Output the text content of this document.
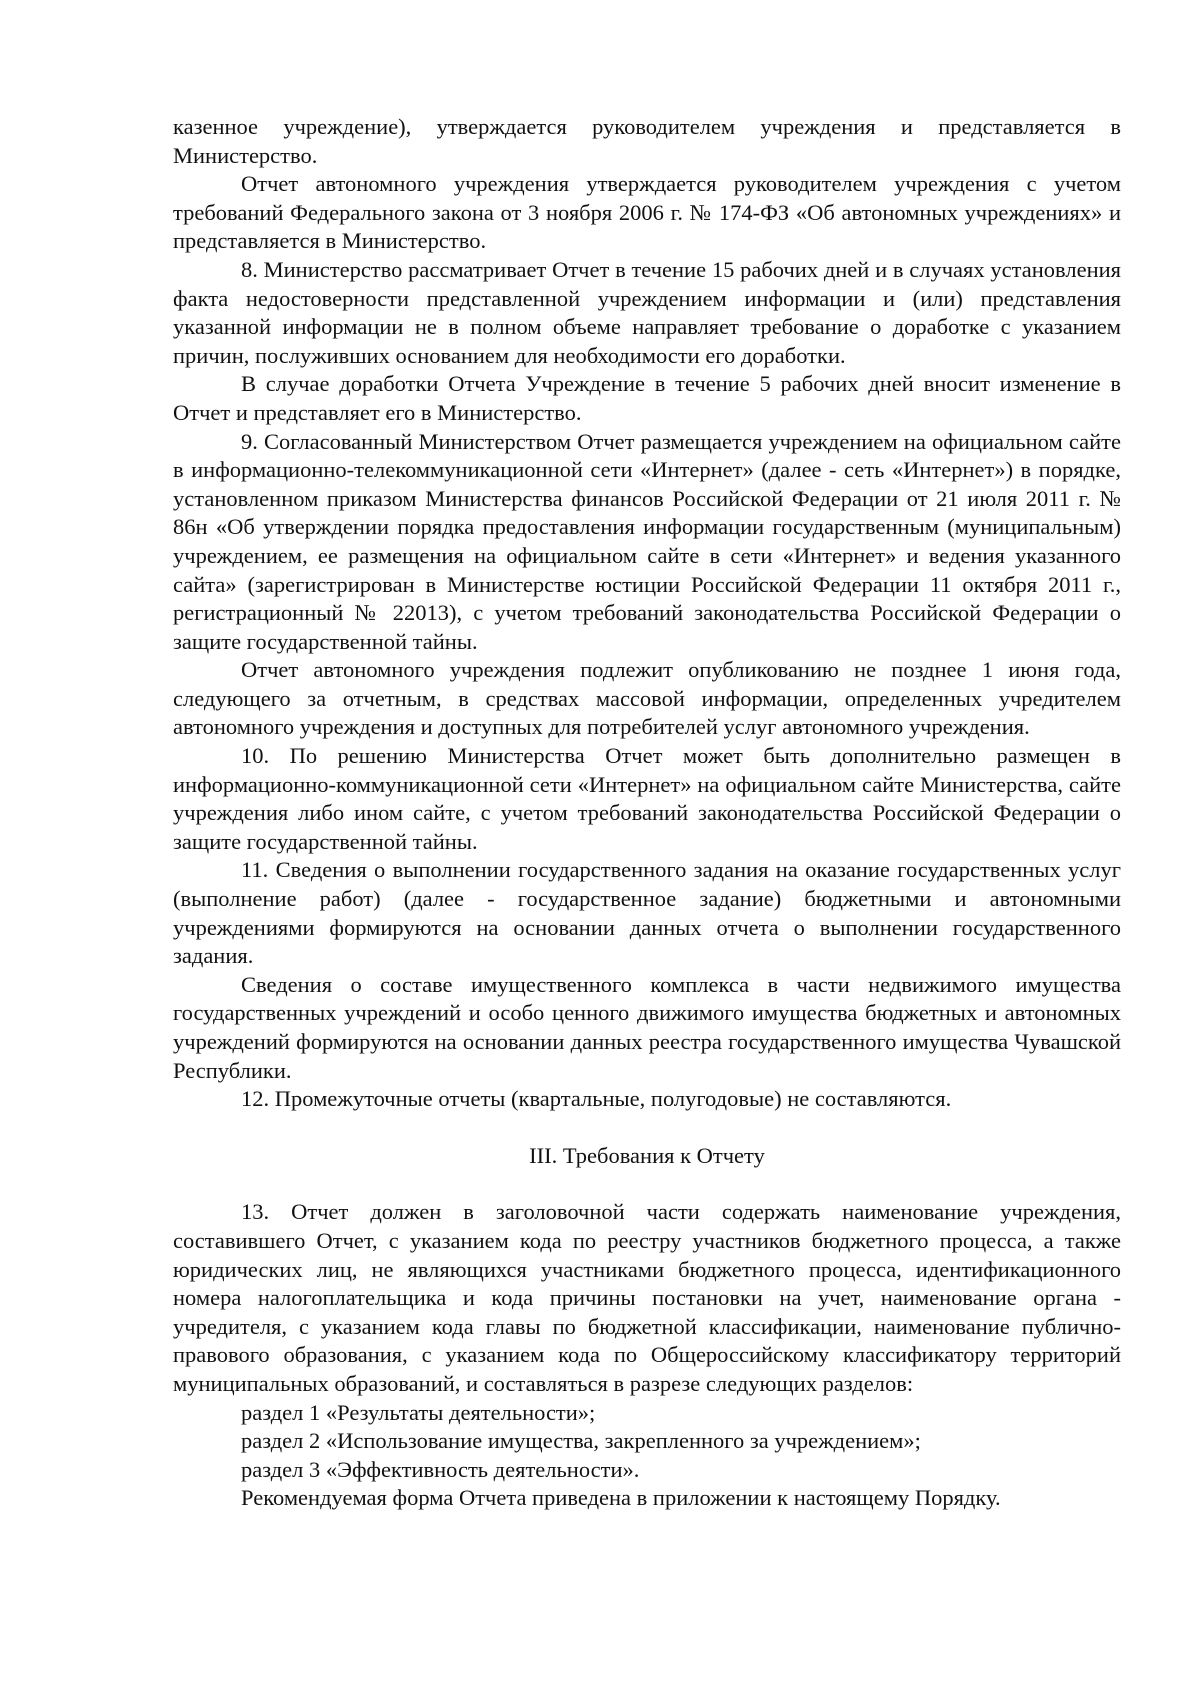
казенное учреждение), утверждается руководителем учреждения и представляется в Министерство.

Отчет автономного учреждения утверждается руководителем учреждения с учетом требований Федерального закона от 3 ноября 2006 г. № 174-ФЗ «Об автономных учреждениях» и представляется в Министерство.

8. Министерство рассматривает Отчет в течение 15 рабочих дней и в случаях установления факта недостоверности представленной учреждением информации и (или) представления указанной информации не в полном объеме направляет требование о доработке с указанием причин, послуживших основанием для необходимости его доработки.

В случае доработки Отчета Учреждение в течение 5 рабочих дней вносит изменение в Отчет и представляет его в Министерство.

9. Согласованный Министерством Отчет размещается учреждением на официальном сайте в информационно-телекоммуникационной сети «Интернет» (далее - сеть «Интернет») в порядке, установленном приказом Министерства финансов Российской Федерации от 21 июля 2011 г. № 86н «Об утверждении порядка предоставления информации государственным (муниципальным) учреждением, ее размещения на официальном сайте в сети «Интернет» и ведения указанного сайта» (зарегистрирован в Министерстве юстиции Российской Федерации 11 октября 2011 г., регистрационный № 22013), с учетом требований законодательства Российской Федерации о защите государственной тайны.

Отчет автономного учреждения подлежит опубликованию не позднее 1 июня года, следующего за отчетным, в средствах массовой информации, определенных учредителем автономного учреждения и доступных для потребителей услуг автономного учреждения.

10. По решению Министерства Отчет может быть дополнительно размещен в информационно-коммуникационной сети «Интернет» на официальном сайте Министерства, сайте учреждения либо ином сайте, с учетом требований законодательства Российской Федерации о защите государственной тайны.

11. Сведения о выполнении государственного задания на оказание государственных услуг (выполнение работ) (далее - государственное задание) бюджетными и автономными учреждениями формируются на основании данных отчета о выполнении государственного задания.

Сведения о составе имущественного комплекса в части недвижимого имущества государственных учреждений и особо ценного движимого имущества бюджетных и автономных учреждений формируются на основании данных реестра государственного имущества Чувашской Республики.

12. Промежуточные отчеты (квартальные, полугодовые) не составляются.

III. Требования к Отчету

13. Отчет должен в заголовочной части содержать наименование учреждения, составившего Отчет, с указанием кода по реестру участников бюджетного процесса, а также юридических лиц, не являющихся участниками бюджетного процесса, идентификационного номера налогоплательщика и кода причины постановки на учет, наименование органа - учредителя, с указанием кода главы по бюджетной классификации, наименование публично-правового образования, с указанием кода по Общероссийскому классификатору территорий муниципальных образований, и составляться в разрезе следующих разделов:

раздел 1 «Результаты деятельности»;

раздел 2 «Использование имущества, закрепленного за учреждением»;

раздел 3 «Эффективность деятельности».

Рекомендуемая форма Отчета приведена в приложении к настоящему Порядку.
